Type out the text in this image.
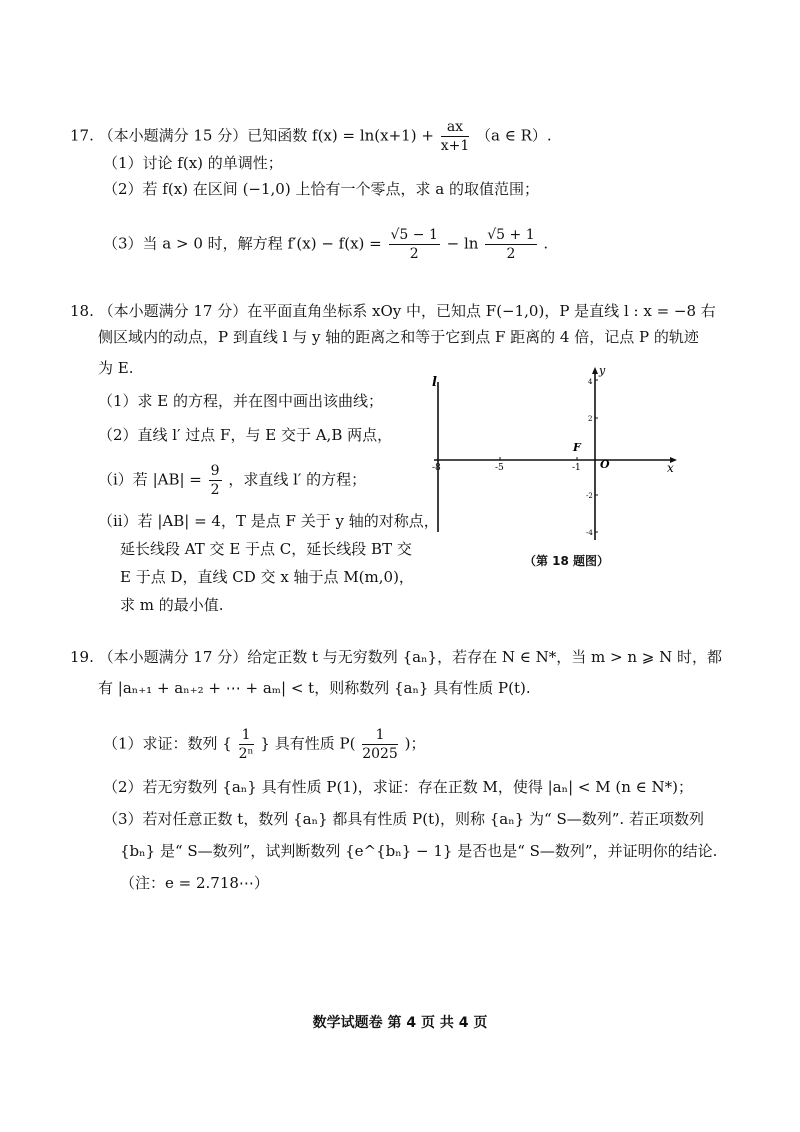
17. （本小题满分 15 分）已知函数 $f(x) = \ln(x+1) + \frac{ax}{x+1} (a$ ∈ R）.
（1）讨论 f(x) 的单调性；
（2）若 f(x) 在区间 (−1,0) 上恰有一个零点，求 a 的取值范围；
（3）当 a > 0 时，解方程 $f'(x) - f(x) = \frac{√5 - 1}{2} - \ln \frac{√5 + 1}{2}$ .
18. （本小题满分 17 分）在平面直角坐标系 xOy 中，已知点 F(−1,0)，P 是直线 l : x = −8 右
侧区域内的动点，P 到直线 l 与 y 轴的距离之和等于它到点 F 距离的 4 倍，记点 P 的轨迹
为 E.
（1）求 E 的方程，并在图中画出该曲线；
（2）直线 l′ 过点 F，与 E 交于 A,B 两点，
（i）若 $|AB| = \frac{9}{2}$ ，求直线 l′ 的方程；
（ii）若 |AB| = 4，T 是点 F 关于 y 轴的对称点，
延长线段 AT 交 E 于点 C，延长线段 BT 交
E 于点 D，直线 CD 交 x 轴于点 M(m,0)，
求 m 的最小值.
l
x
y
-8	-5	-1 O
F
4
2
-2
-4
（第 18 题图）
19. （本小题满分 17 分）给定正数 t 与无穷数列 {aₙ}，若存在 N ∈ N*，当 m > n ⩾ N 时，都
有 |aₙ₊₁ + aₙ₊₂ + ⋯ + aₘ| < t，则称数列 {aₙ} 具有性质 P(t).
（1）求证：数列 { $\frac{1}{\text{2ⁿ}}$ } 具有性质 $P( \frac{1}{2025}$ )；
（2）若无穷数列 {aₙ} 具有性质 P(1)，求证：存在正数 M，使得 |aₙ| < M (n ∈ N*)；
（3）若对任意正数 t，数列 {aₙ} 都具有性质 P(t)，则称 {aₙ} 为“ S—数列”. 若正项数列
{bₙ} 是“ S—数列”，试判断数列 {e^{bₙ} − 1} 是否也是“ S—数列”，并证明你的结论.
（注：e = 2.718⋯）
数学试题卷 第 4 页 共 4 页
